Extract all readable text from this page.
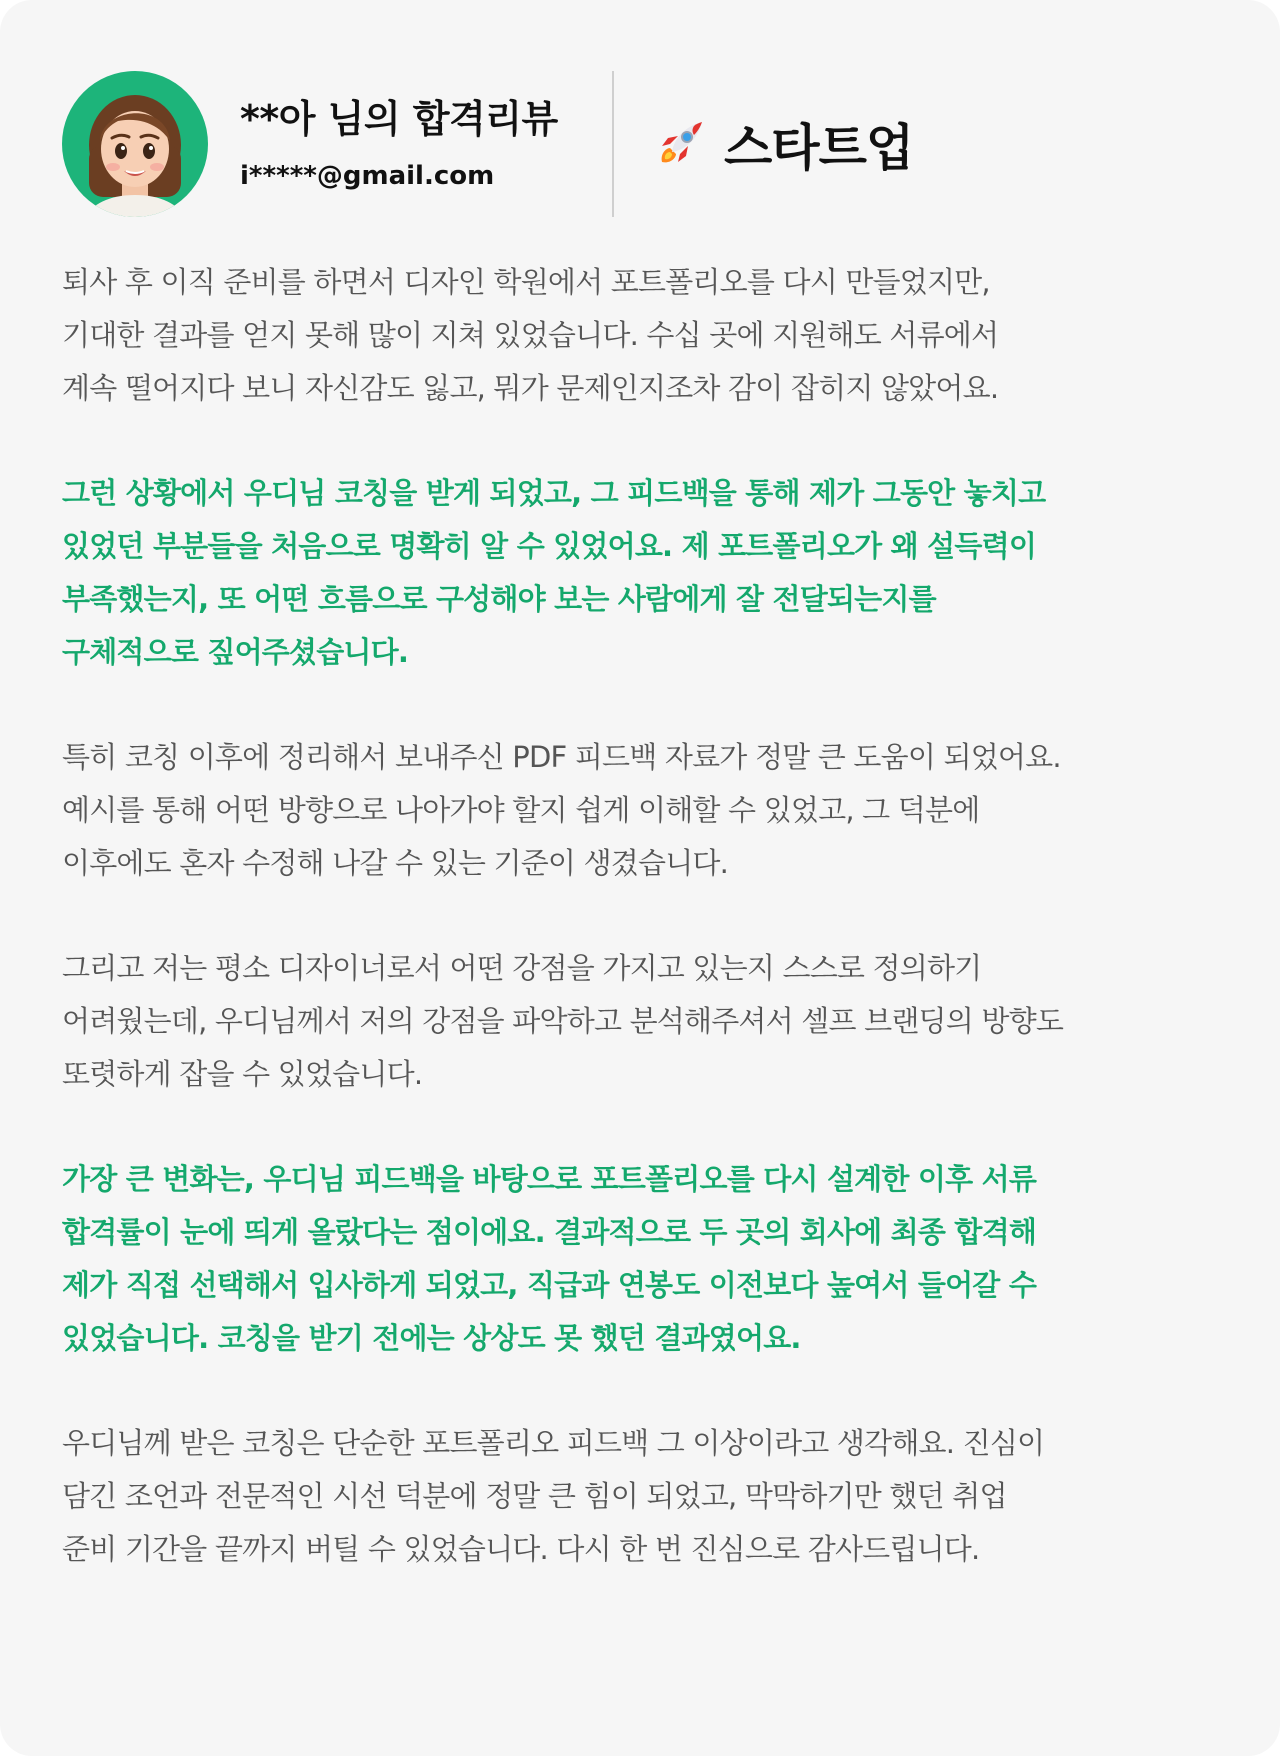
**아 님의 합격리뷰
i*****@gmail.com	스타트업

퇴사 후 이직 준비를 하면서 디자인 학원에서 포트폴리오를 다시 만들었지만,
기대한 결과를 얻지 못해 많이 지쳐 있었습니다. 수십 곳에 지원해도 서류에서
계속 떨어지다 보니 자신감도 잃고, 뭐가 문제인지조차 감이 잡히지 않았어요.

그런 상황에서 우디님 코칭을 받게 되었고, 그 피드백을 통해 제가 그동안 놓치고
있었던 부분들을 처음으로 명확히 알 수 있었어요. 제 포트폴리오가 왜 설득력이
부족했는지, 또 어떤 흐름으로 구성해야 보는 사람에게 잘 전달되는지를
구체적으로 짚어주셨습니다.

특히 코칭 이후에 정리해서 보내주신 PDF 피드백 자료가 정말 큰 도움이 되었어요.
예시를 통해 어떤 방향으로 나아가야 할지 쉽게 이해할 수 있었고, 그 덕분에
이후에도 혼자 수정해 나갈 수 있는 기준이 생겼습니다.

그리고 저는 평소 디자이너로서 어떤 강점을 가지고 있는지 스스로 정의하기
어려웠는데, 우디님께서 저의 강점을 파악하고 분석해주셔서 셀프 브랜딩의 방향도
또렷하게 잡을 수 있었습니다.

가장 큰 변화는, 우디님 피드백을 바탕으로 포트폴리오를 다시 설계한 이후 서류
합격률이 눈에 띄게 올랐다는 점이에요. 결과적으로 두 곳의 회사에 최종 합격해
제가 직접 선택해서 입사하게 되었고, 직급과 연봉도 이전보다 높여서 들어갈 수
있었습니다. 코칭을 받기 전에는 상상도 못 했던 결과였어요.

우디님께 받은 코칭은 단순한 포트폴리오 피드백 그 이상이라고 생각해요. 진심이
담긴 조언과 전문적인 시선 덕분에 정말 큰 힘이 되었고, 막막하기만 했던 취업
준비 기간을 끝까지 버틸 수 있었습니다. 다시 한 번 진심으로 감사드립니다.
